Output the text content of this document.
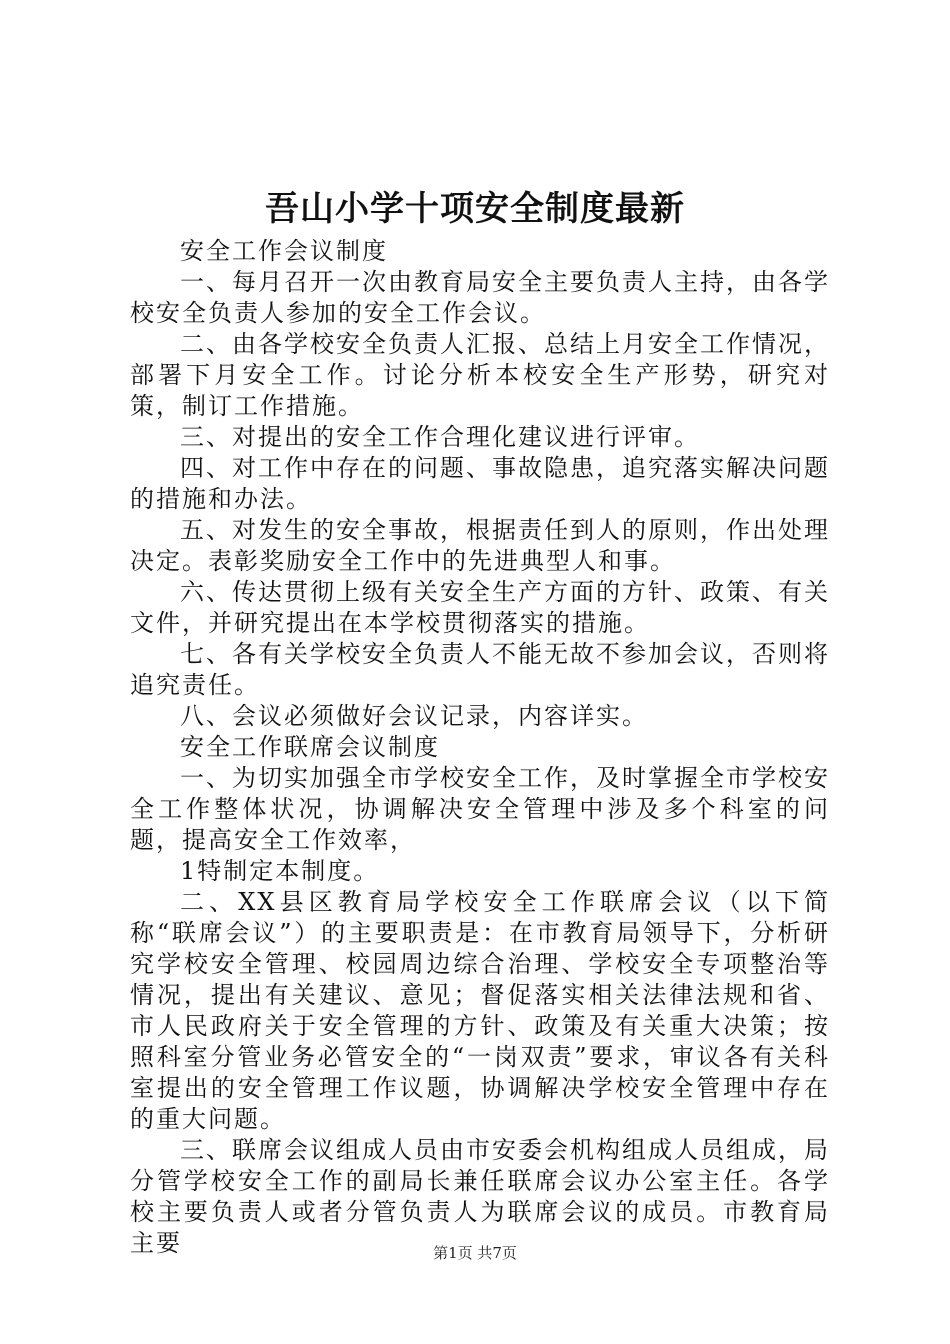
吾山小学十项安全制度最新

安全工作会议制度

一、每月召开一次由教育局安全主要负责人主持，由各学校安全负责人参加的安全工作会议。

二、由各学校安全负责人汇报、总结上月安全工作情况，部署下月安全工作。讨论分析本校安全生产形势，研究对策，制订工作措施。

三、对提出的安全工作合理化建议进行评审。

四、对工作中存在的问题、事故隐患，追究落实解决问题的措施和办法。

五、对发生的安全事故，根据责任到人的原则，作出处理决定。表彰奖励安全工作中的先进典型人和事。

六、传达贯彻上级有关安全生产方面的方针、政策、有关文件，并研究提出在本学校贯彻落实的措施。

七、各有关学校安全负责人不能无故不参加会议，否则将追究责任。

八、会议必须做好会议记录，内容详实。

安全工作联席会议制度

一、为切实加强全市学校安全工作，及时掌握全市学校安全工作整体状况，协调解决安全管理中涉及多个科室的问题，提高安全工作效率，

1特制定本制度。

二、XX县区教育局学校安全工作联席会议（以下简称“联席会议”）的主要职责是：在市教育局领导下，分析研究学校安全管理、校园周边综合治理、学校安全专项整治等情况，提出有关建议、意见；督促落实相关法律法规和省、市人民政府关于安全管理的方针、政策及有关重大决策；按照科室分管业务必管安全的“一岗双责”要求，审议各有关科室提出的安全管理工作议题，协调解决学校安全管理中存在的重大问题。

三、联席会议组成人员由市安委会机构组成人员组成，局分管学校安全工作的副局长兼任联席会议办公室主任。各学校主要负责人或者分管负责人为联席会议的成员。市教育局主要	第1页 共7页
